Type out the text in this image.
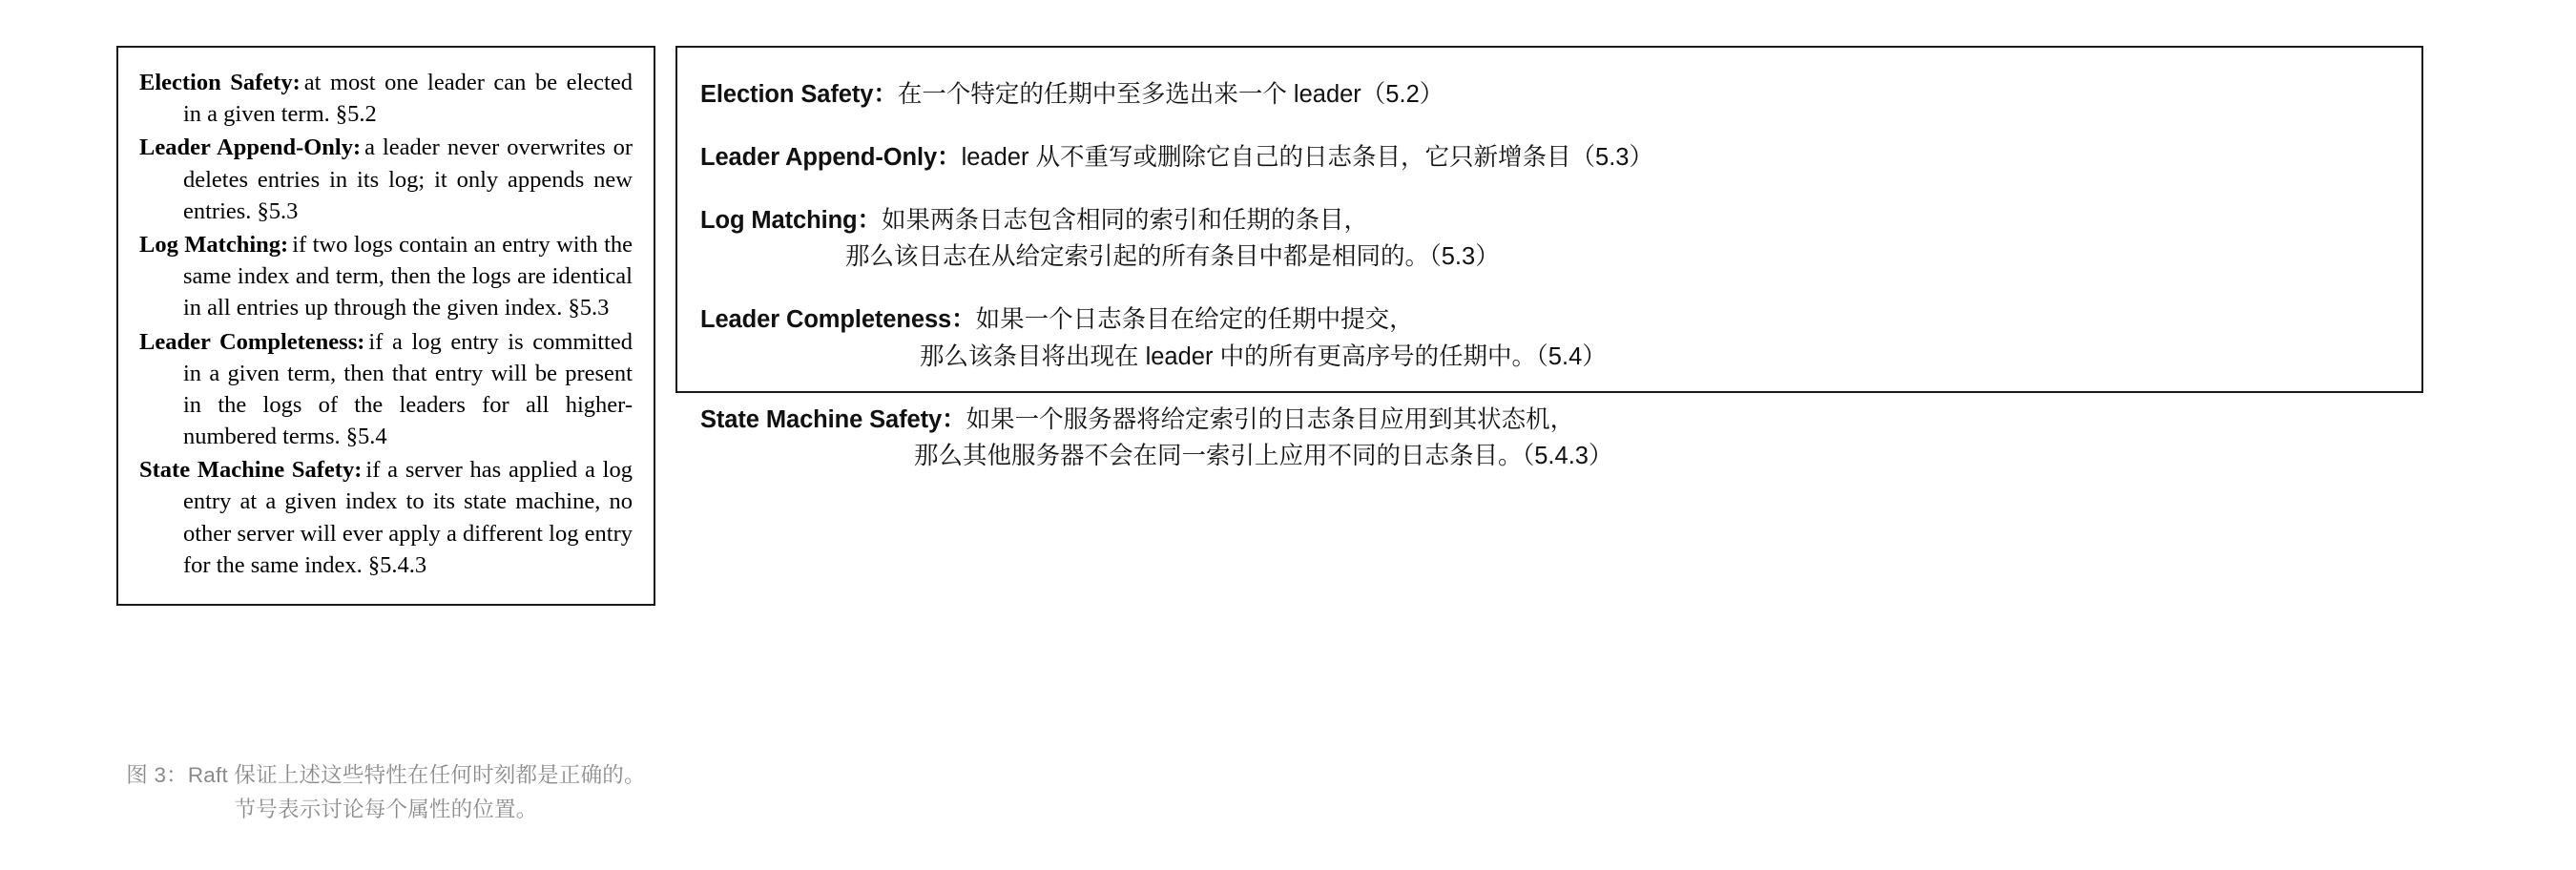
Election Safety: at most one leader can be elected in a given term. §5.2

Leader Append-Only: a leader never overwrites or deletes entries in its log; it only appends new entries. §5.3

Log Matching: if two logs contain an entry with the same index and term, then the logs are identical in all entries up through the given index. §5.3

Leader Completeness: if a log entry is committed in a given term, then that entry will be present in the logs of the leaders for all higher-numbered terms. §5.4

State Machine Safety: if a server has applied a log entry at a given index to its state machine, no other server will ever apply a different log entry for the same index. §5.4.3

图 3：Raft 保证上述这些特性在任何时刻都是正确的。
节号表示讨论每个属性的位置。
Election Safety：在一个特定的任期中至多选出来一个 leader（5.2）
Leader Append-Only：leader 从不重写或删除它自己的日志条目，它只新增条目（5.3）
Log Matching：如果两条日志包含相同的索引和任期的条目，
那么该日志在从给定索引起的所有条目中都是相同的。（5.3）
Leader Completeness：如果一个日志条目在给定的任期中提交，
那么该条目将出现在 leader 中的所有更高序号的任期中。（5.4）
State Machine Safety：如果一个服务器将给定索引的日志条目应用到其状态机，
那么其他服务器不会在同一索引上应用不同的日志条目。（5.4.3）
